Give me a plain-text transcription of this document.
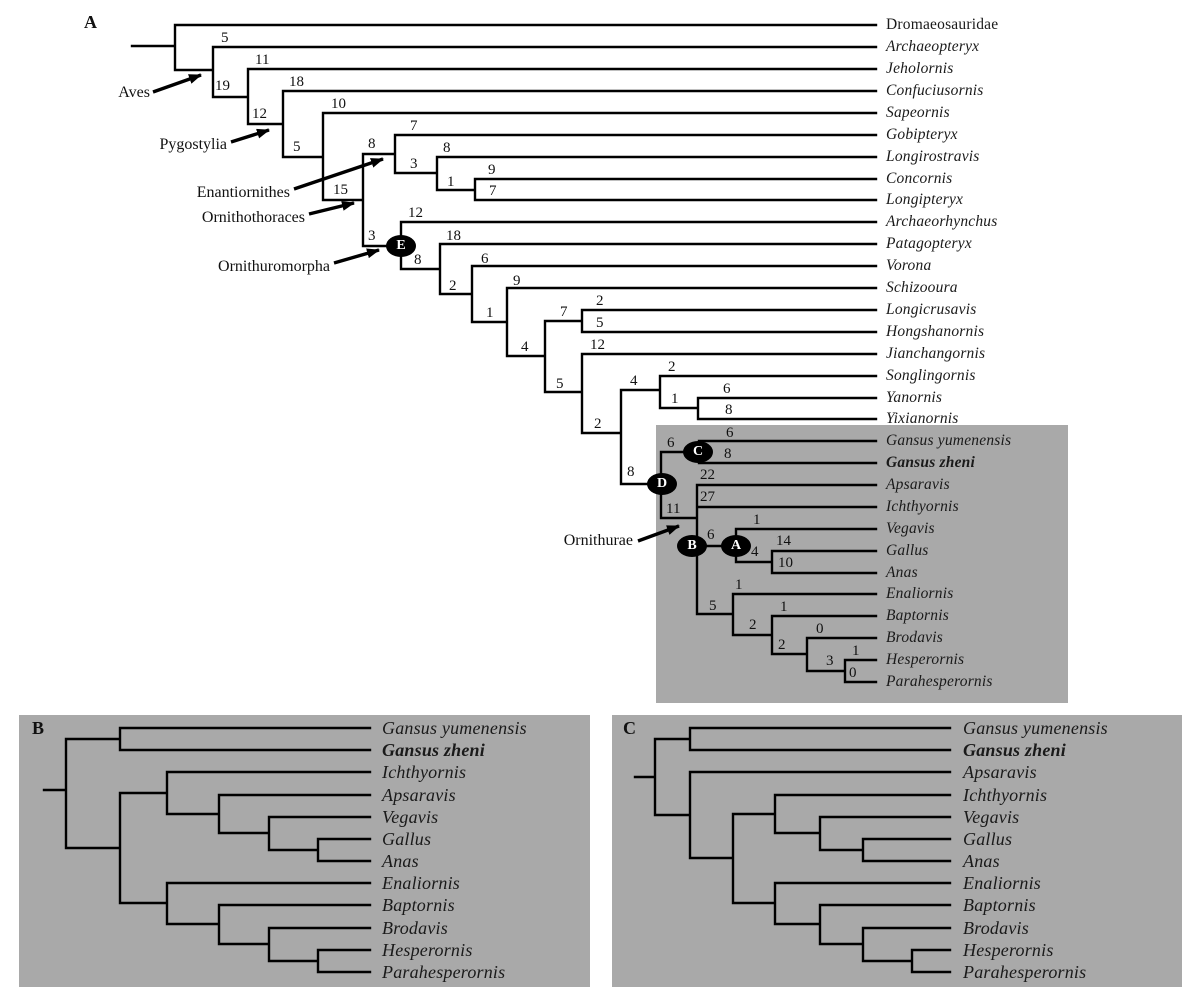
A	Dromaeosauridae
Archaeopteryx
Jeholornis
Confuciusornis
Sapeornis
Gobipteryx
Longirostravis
Concornis
Longipteryx
Archaeorhynchus
Patagopteryx
Vorona
Schizooura
Longicrusavis
Hongshanornis
Jianchangornis
Songlingornis
Yanornis
Yixianornis
Gansus yumenensis
Gansus zheni
Apsaravis
Ichthyornis
Vegavis
Gallus
Anas
Enaliornis
Baptornis
Brodavis
Hesperornis
Parahesperornis
5
11
19	18
12
10
5
15
8
7
3
8
1
9
7
3
12
8
18
2
6
1
9
4
7
2
5
5
12
2
4
2
1
6
8
8
6
6
8
11
22
27
6
1
4
14
10
5
1
2
1
2
0
3
1
0
E
D
C
B	A
Aves
Pygostylia
Enantiornithes
Ornithothoraces
Ornithuromorpha
Ornithurae
B	Gansus yumenensis
Gansus zheni
Ichthyornis
Apsaravis
Vegavis
Gallus
Anas
Enaliornis
Baptornis
Brodavis
Hesperornis
Parahesperornis
C	Gansus yumenensis
Gansus zheni
Apsaravis
Ichthyornis
Vegavis
Gallus
Anas
Enaliornis
Baptornis
Brodavis
Hesperornis
Parahesperornis
